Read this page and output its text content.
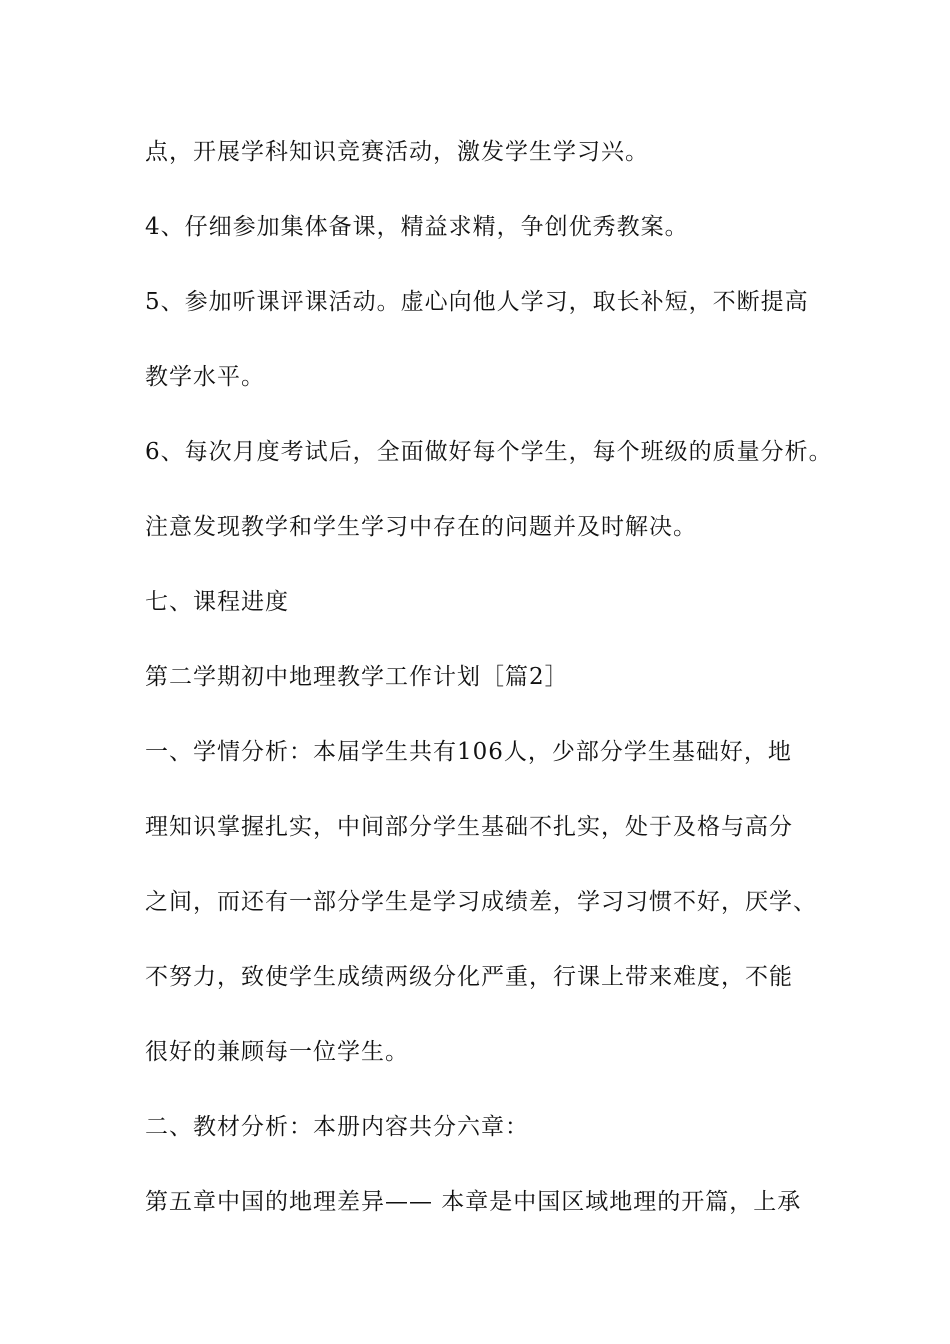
点，开展学科知识竞赛活动，激发学生学习兴。
4、仔细参加集体备课，精益求精，争创优秀教案。
5、参加听课评课活动。虚心向他人学习，取长补短，不断提高
教学水平。
6、每次月度考试后，全面做好每个学生，每个班级的质量分析。
注意发现教学和学生学习中存在的问题并及时解决。
七、课程进度
第二学期初中地理教学工作计划［篇2］
一、学情分析：本届学生共有106人，少部分学生基础好，地
理知识掌握扎实，中间部分学生基础不扎实，处于及格与高分
之间，而还有一部分学生是学习成绩差，学习习惯不好，厌学、
不努力，致使学生成绩两级分化严重，行课上带来难度，不能
很好的兼顾每一位学生。
二、教材分析：本册内容共分六章：
第五章中国的地理差异—— 本章是中国区域地理的开篇，上承
